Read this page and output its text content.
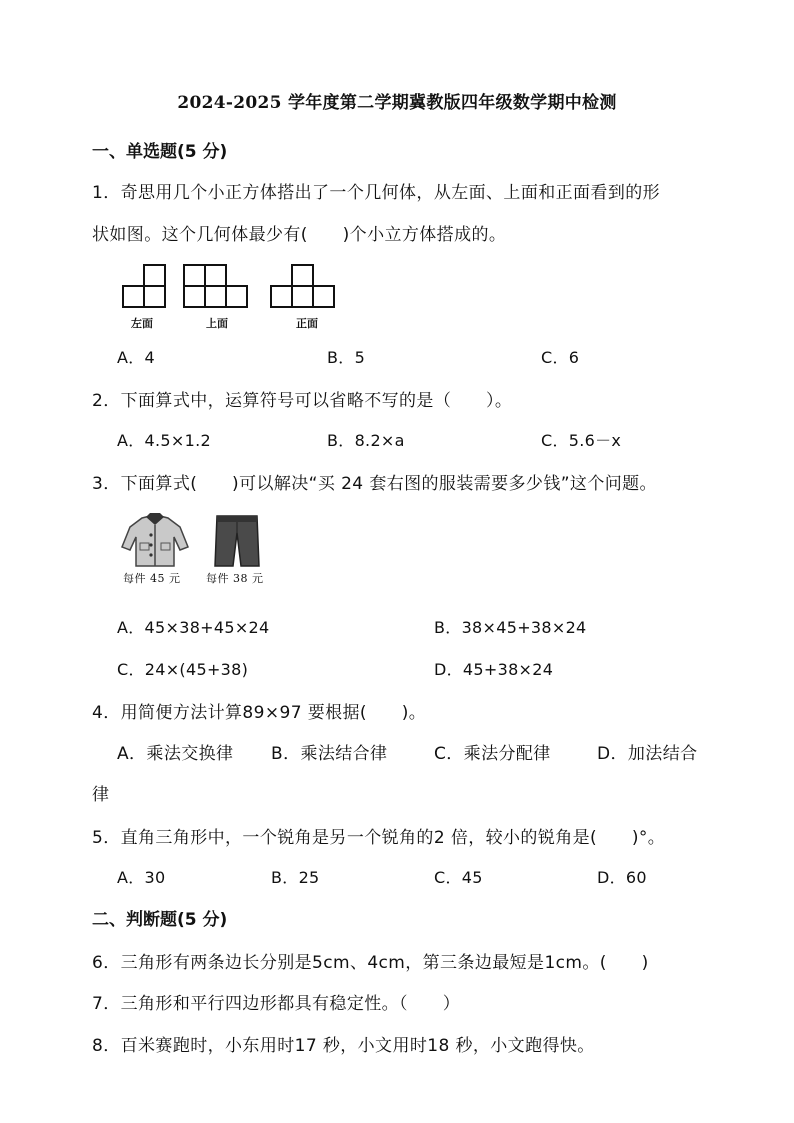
2024-2025 学年度第二学期冀教版四年级数学期中检测
一、单选题(5 分)
1．奇思用几个小正方体搭出了一个几何体，从左面、上面和正面看到的形
状如图。这个几何体最少有(　　)个小立方体搭成的。
左面	上面	正面
A．4	B．5	C．6
2．下面算式中，运算符号可以省略不写的是（　　）。
A．4.5×1.2	B．8.2×a	C．5.6－x
3．下面算式(　　)可以解决“买 24 套右图的服装需要多少钱”这个问题。
每件 45 元 每件 38 元
A．45×38+45×24	B．38×45+38×24
C．24×(45+38)	D．45+38×24
4．用简便方法计算89×97 要根据(　　)。
A．乘法交换律 B．乘法结合律	C．乘法分配律	D．加法结合
律
5．直角三角形中，一个锐角是另一个锐角的2 倍，较小的锐角是(　　)°。
A．30	B．25	C．45	D．60
二、判断题(5 分)
6．三角形有两条边长分别是5cm、4cm，第三条边最短是1cm。(　　)
7．三角形和平行四边形都具有稳定性。（　　）
8．百米赛跑时，小东用时17 秒，小文用时18 秒，小文跑得快。
